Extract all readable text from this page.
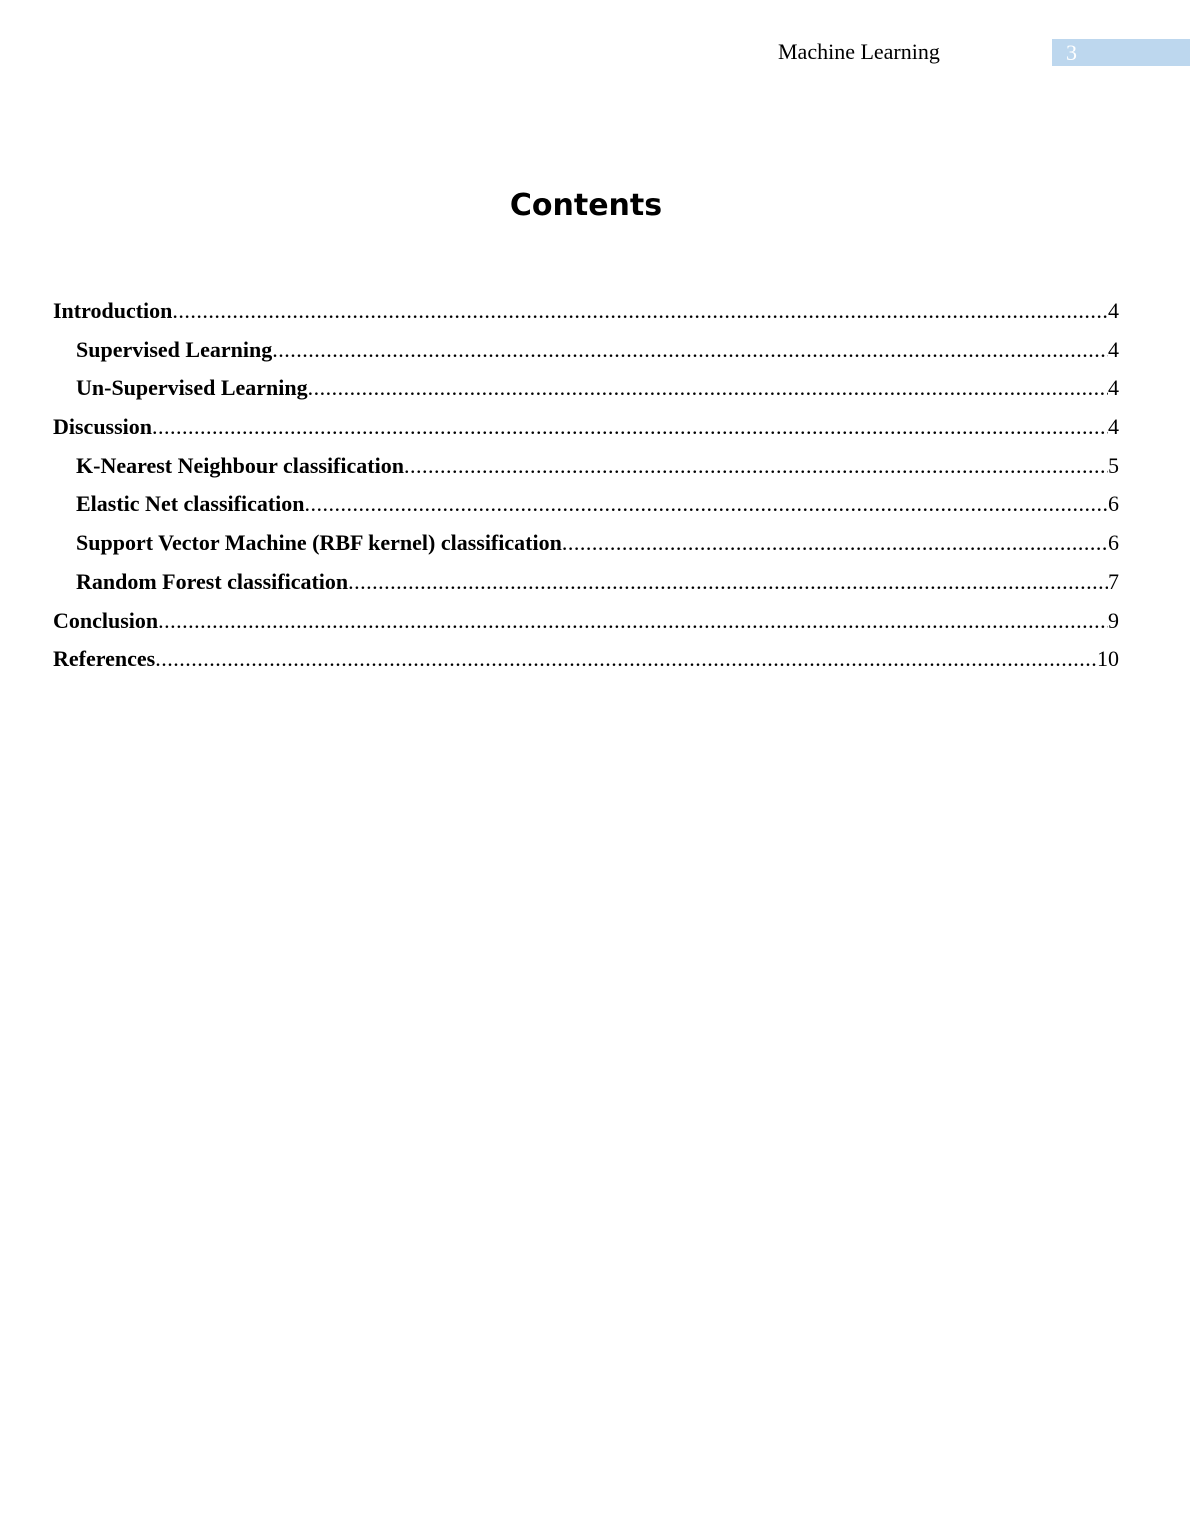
Machine Learning	3
Contents
Introduction .....	4
Supervised Learning .....	4
Un-Supervised Learning .....	4
Discussion .....	4
K-Nearest Neighbour classification .....	5
Elastic Net classification .....	6
Support Vector Machine (RBF kernel) classification .....	6
Random Forest classification .....	7
Conclusion .....	9
References .....	10
